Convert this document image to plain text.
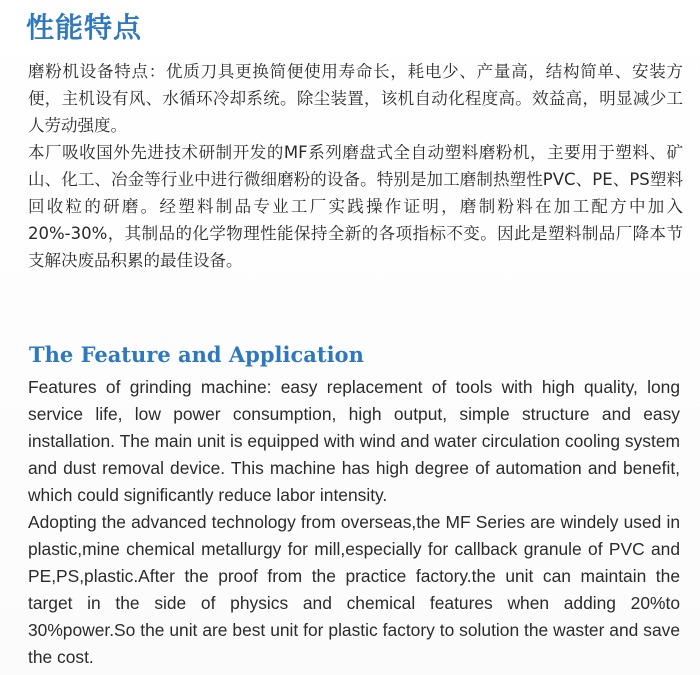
性能特点

磨粉机设备特点：优质刀具更换简便使用寿命长，耗电少、产量高，结构简单、安装方便，主机设有风、水循环冷却系统。除尘装置，该机自动化程度高。效益高，明显减少工人劳动强度。

本厂吸收国外先进技术研制开发的MF系列磨盘式全自动塑料磨粉机，主要用于塑料、矿山、化工、冶金等行业中进行微细磨粉的设备。特别是加工磨制热塑性PVC、PE、PS塑料回收粒的研磨。经塑料制品专业工厂实践操作证明，磨制粉料在加工配方中加入20%-30%，其制品的化学物理性能保持全新的各项指标不变。因此是塑料制品厂降本节支解决废品积累的最佳设备。

The Feature and Application

Features of grinding machine: easy replacement of tools with high quality, long service life, low power consumption, high output, simple structure and easy installation. The main unit is equipped with wind and water circulation cooling system and dust removal device. This machine has high degree of automation and benefit, which could significantly reduce labor intensity.

Adopting the advanced technology from overseas,the MF Series are windely used in plastic,mine chemical metallurgy for mill,especially for callback granule of PVC and PE,PS,plastic.After the proof from the practice factory.the unit can maintain the target in the side of physics and chemical features when adding 20%to 30%power.So the unit are best unit for plastic factory to solution the waster and save the cost.
